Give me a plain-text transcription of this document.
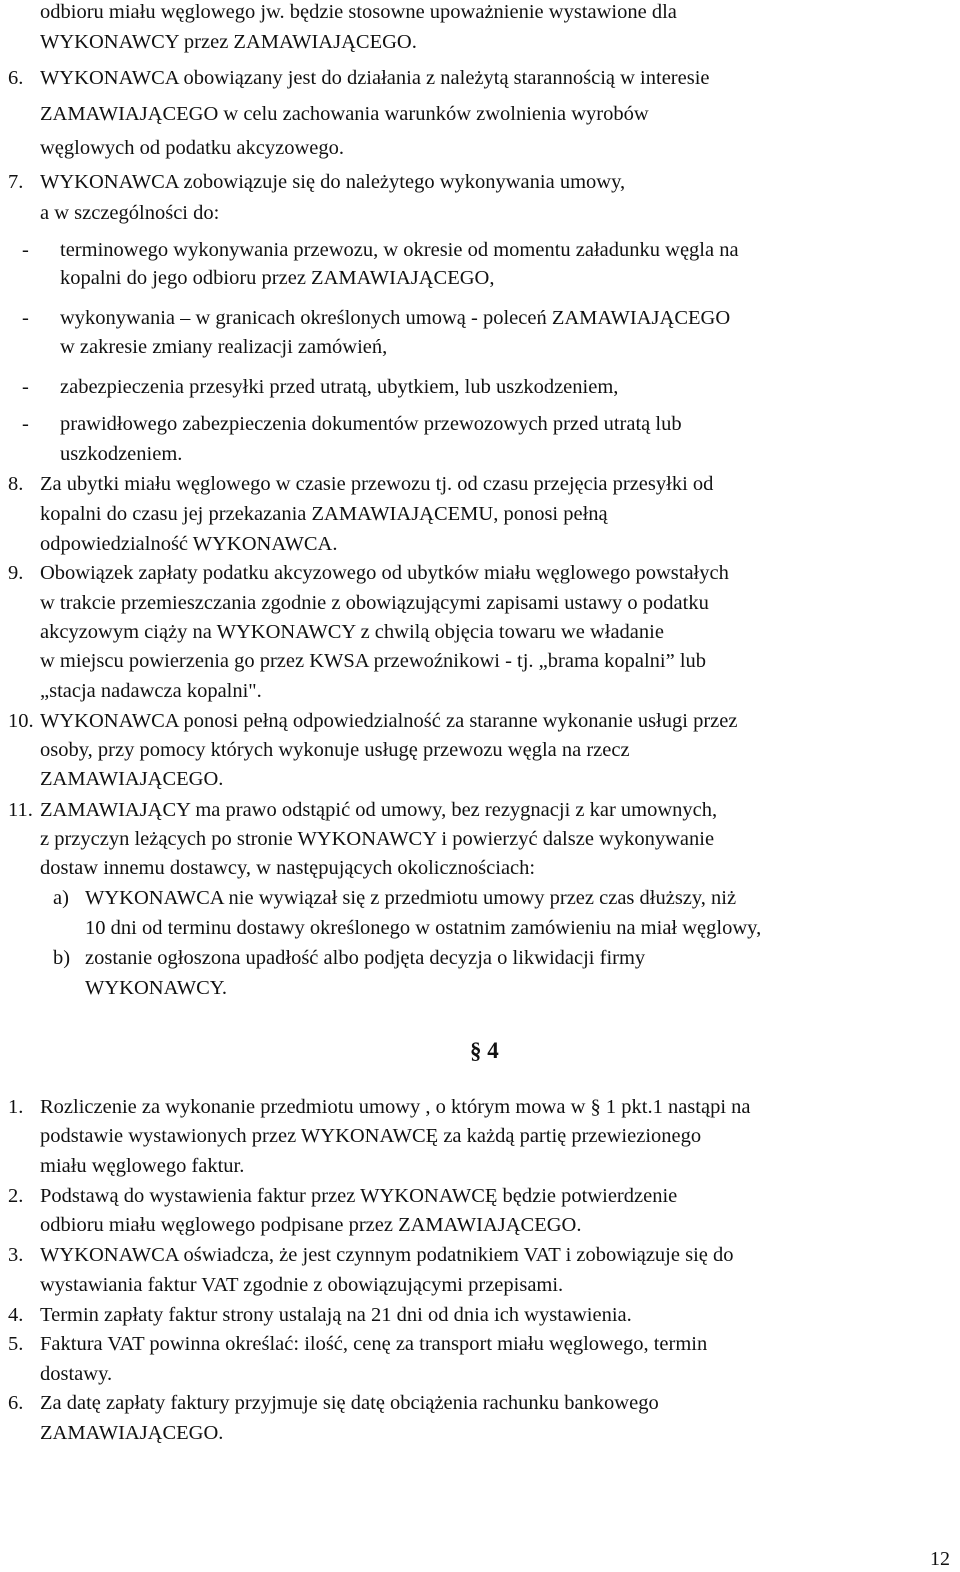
odbioru miału węglowego jw. będzie stosowne upoważnienie wystawione dla
WYKONAWCY przez ZAMAWIAJĄCEGO.
6. WYKONAWCA obowiązany jest do działania z należytą starannością w interesie
ZAMAWIAJĄCEGO w celu zachowania warunków zwolnienia wyrobów
węglowych od podatku akcyzowego.
7. WYKONAWCA zobowiązuje się do należytego wykonywania umowy,
a w szczególności do:
- terminowego wykonywania przewozu, w okresie od momentu załadunku węgla na
kopalni do jego odbioru przez ZAMAWIAJĄCEGO,
- wykonywania – w granicach określonych umową - poleceń ZAMAWIAJĄCEGO
w zakresie zmiany realizacji zamówień,
- zabezpieczenia przesyłki przed utratą, ubytkiem, lub uszkodzeniem,
- prawidłowego zabezpieczenia dokumentów przewozowych przed utratą lub
uszkodzeniem.
8. Za ubytki miału węglowego w czasie przewozu tj. od czasu przejęcia przesyłki od
kopalni do czasu jej przekazania ZAMAWIAJĄCEMU, ponosi pełną
odpowiedzialność WYKONAWCA.
9. Obowiązek zapłaty podatku akcyzowego od ubytków miału węglowego powstałych
w trakcie przemieszczania zgodnie z obowiązującymi zapisami ustawy o podatku
akcyzowym ciąży na WYKONAWCY z chwilą objęcia towaru we władanie
w miejscu powierzenia go przez KWSA przewoźnikowi - tj. „brama kopalni” lub
„stacja nadawcza kopalni".
10. WYKONAWCA ponosi pełną odpowiedzialność za staranne wykonanie usługi przez
osoby, przy pomocy których wykonuje usługę przewozu węgla na rzecz
ZAMAWIAJĄCEGO.
11. ZAMAWIAJĄCY ma prawo odstąpić od umowy, bez rezygnacji z kar umownych,
z przyczyn leżących po stronie WYKONAWCY i powierzyć dalsze wykonywanie
dostaw innemu dostawcy, w następujących okolicznościach:
a) WYKONAWCA nie wywiązał się z przedmiotu umowy przez czas dłuższy, niż
10 dni od terminu dostawy określonego w ostatnim zamówieniu na miał węglowy,
b) zostanie ogłoszona upadłość albo podjęta decyzja o likwidacji firmy
WYKONAWCY.
§ 4
1. Rozliczenie za wykonanie przedmiotu umowy , o którym mowa w § 1 pkt.1 nastąpi na
podstawie wystawionych przez WYKONAWCĘ za każdą partię przewiezionego
miału węglowego faktur.
2. Podstawą do wystawienia faktur przez WYKONAWCĘ będzie potwierdzenie
odbioru miału węglowego podpisane przez ZAMAWIAJĄCEGO.
3. WYKONAWCA oświadcza, że jest czynnym podatnikiem VAT i zobowiązuje się do
wystawiania faktur VAT zgodnie z obowiązującymi przepisami.
4. Termin zapłaty faktur strony ustalają na 21 dni od dnia ich wystawienia.
5. Faktura VAT powinna określać: ilość, cenę za transport miału węglowego, termin
dostawy.
6. Za datę zapłaty faktury przyjmuje się datę obciążenia rachunku bankowego
ZAMAWIAJĄCEGO.
12
